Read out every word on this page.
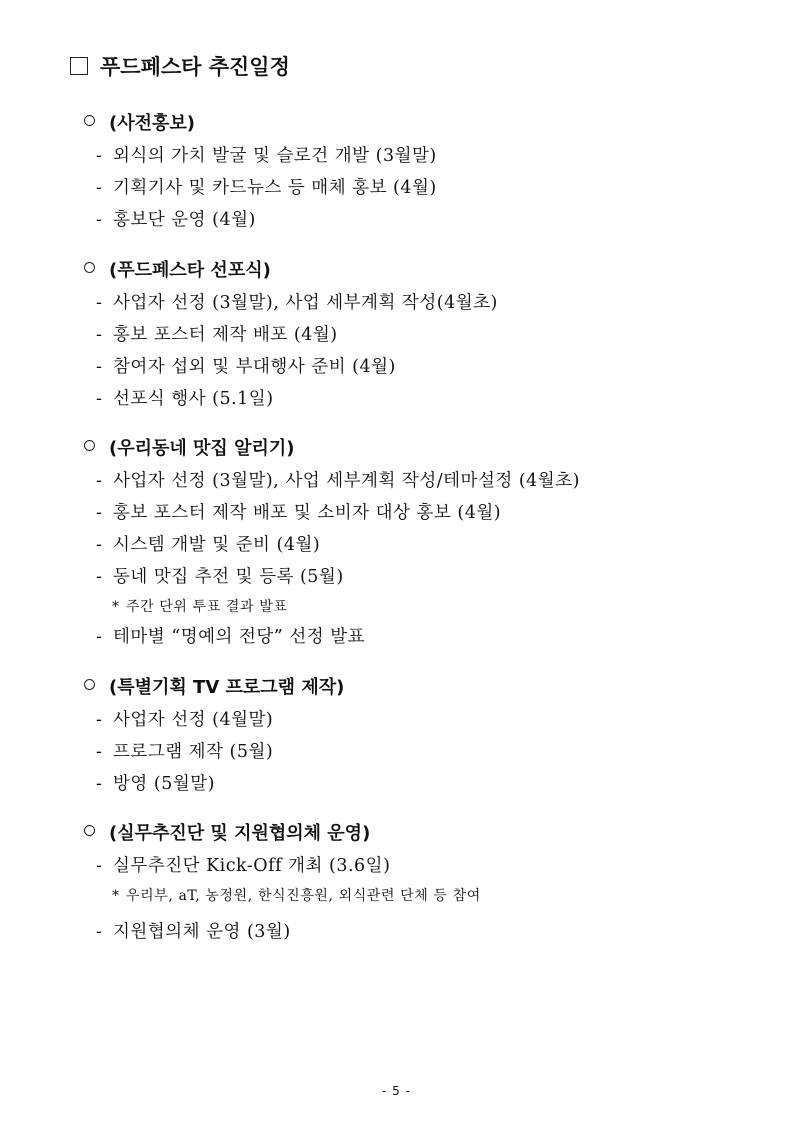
푸드페스타 추진일정
(사전홍보)
- 외식의 가치 발굴 및 슬로건 개발 (3월말)
- 기획기사 및 카드뉴스 등 매체 홍보 (4월)
- 홍보단 운영 (4월)
(푸드페스타 선포식)
- 사업자 선정 (3월말), 사업 세부계획 작성(4월초)
- 홍보 포스터 제작 배포 (4월)
- 참여자 섭외 및 부대행사 준비 (4월)
- 선포식 행사 (5.1일)
(우리동네 맛집 알리기)
- 사업자 선정 (3월말), 사업 세부계획 작성/테마설정 (4월초)
- 홍보 포스터 제작 배포 및 소비자 대상 홍보 (4월)
- 시스템 개발 및 준비 (4월)
- 동네 맛집 추전 및 등록 (5월)
* 주간 단위 투표 결과 발표
- 테마별 “명예의 전당” 선정 발표
(특별기획 TV 프로그램 제작)
- 사업자 선정 (4월말)
- 프로그램 제작 (5월)
- 방영 (5월말)
(실무추진단 및 지원협의체 운영)
- 실무추진단 Kick-Off 개최 (3.6일)
* 우리부, aT, 농정원, 한식진흥원, 외식관련 단체 등 참여
- 지원협의체 운영 (3월)
- 5 -
